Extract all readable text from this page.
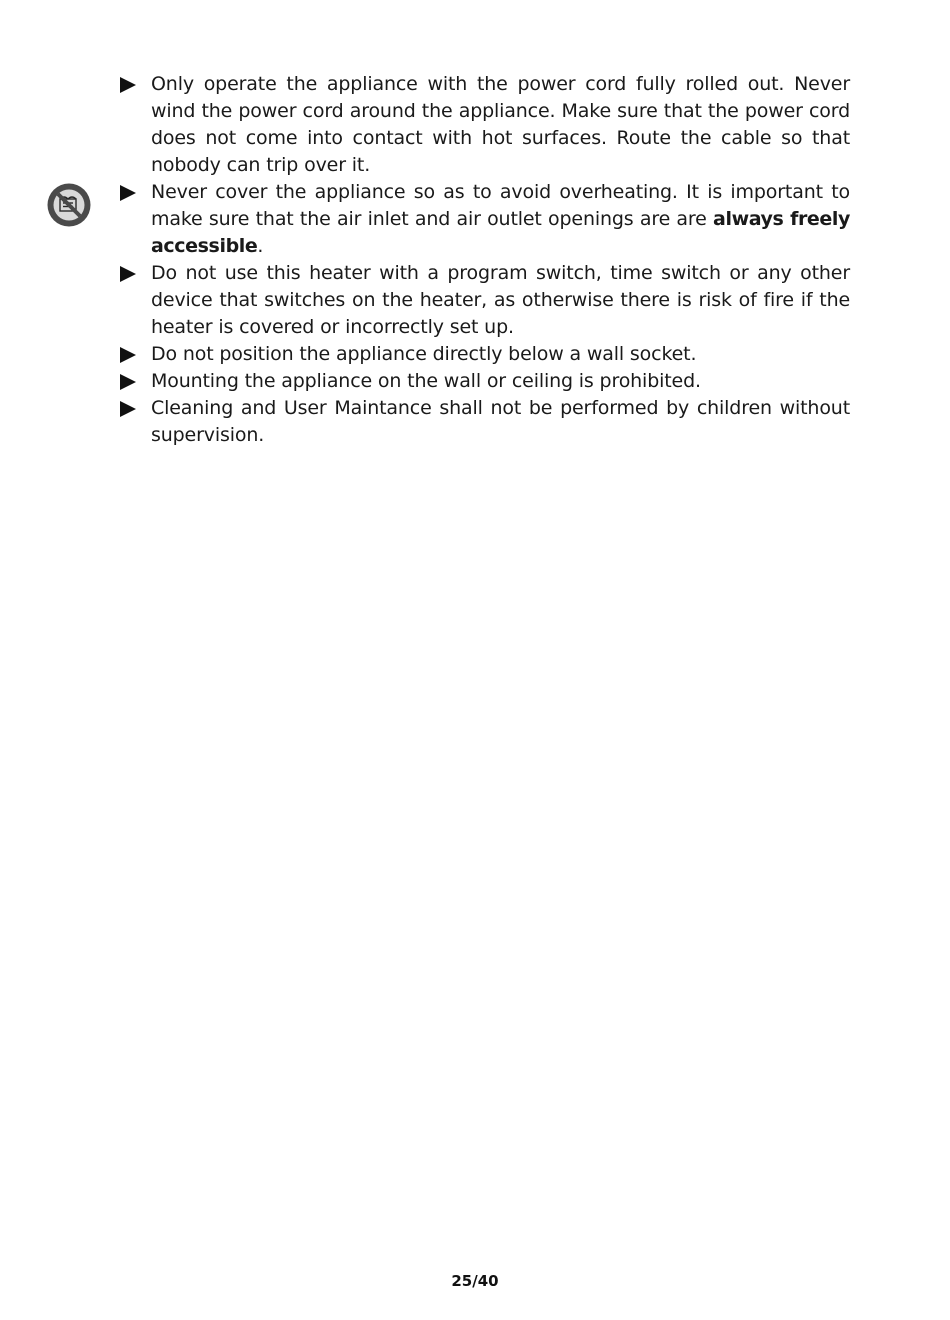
Only operate the appliance with the power cord fully rolled out. Never wind the power cord around the appliance. Make sure that the power cord does not come into contact with hot surfaces. Route the cable so that nobody can trip over it.
Never cover the appliance so as to avoid overheating. It is important to make sure that the air inlet and air outlet openings are are always freely accessible.
Do not use this heater with a program switch, time switch or any other device that switches on the heater, as otherwise there is risk of fire if the heater is covered or incorrectly set up.
Do not position the appliance directly below a wall socket.
Mounting the appliance on the wall or ceiling is prohibited.
Cleaning and User Maintance shall not be performed by children without supervision.
25/40
